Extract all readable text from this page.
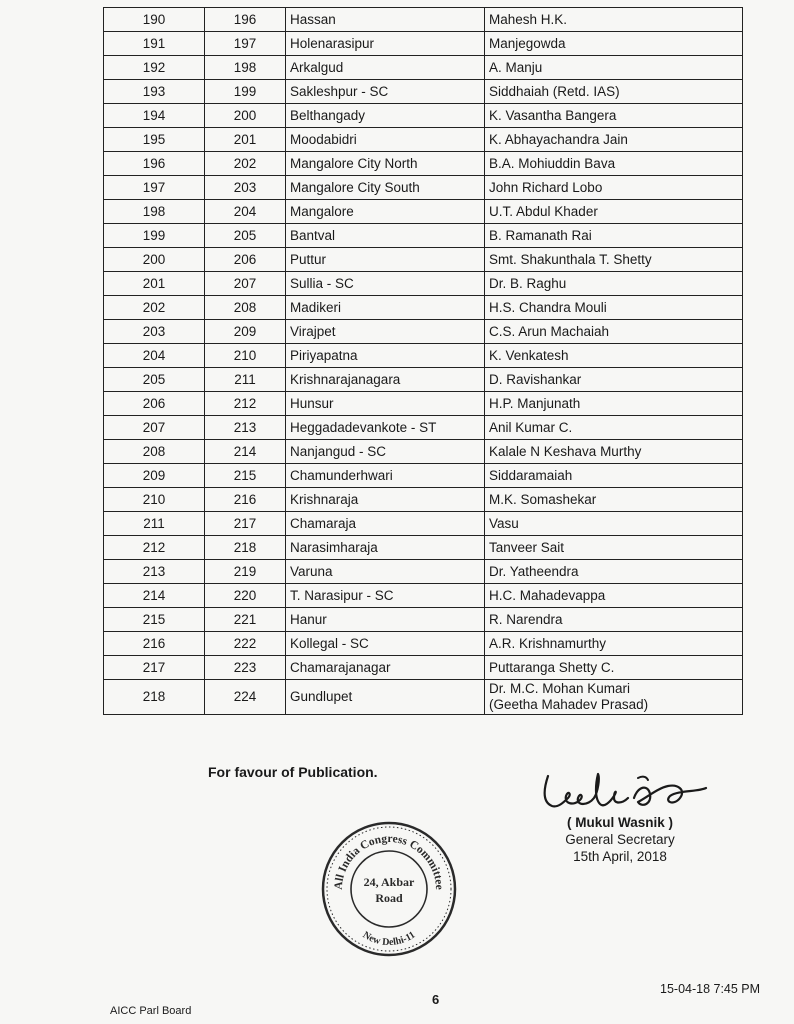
190	196	Hassan	Mahesh H.K.
191	197	Holenarasipur	Manjegowda
192	198	Arkalgud	A. Manju
193	199	Sakleshpur - SC	Siddhaiah (Retd. IAS)
194	200	Belthangady	K. Vasantha Bangera
195	201	Moodabidri	K. Abhayachandra Jain
196	202	Mangalore City North	B.A. Mohiuddin Bava
197	203	Mangalore City South	John Richard Lobo
198	204	Mangalore	U.T. Abdul Khader
199	205	Bantval	B. Ramanath Rai
200	206	Puttur	Smt. Shakunthala T. Shetty
201	207	Sullia - SC	Dr. B. Raghu
202	208	Madikeri	H.S. Chandra Mouli
203	209	Virajpet	C.S. Arun Machaiah
204	210	Piriyapatna	K. Venkatesh
205	211	Krishnarajanagara	D. Ravishankar
206	212	Hunsur	H.P. Manjunath
207	213	Heggadadevankote - ST	Anil Kumar C.
208	214	Nanjangud - SC	Kalale N Keshava Murthy
209	215	Chamunderhwari	Siddaramaiah
210	216	Krishnaraja	M.K. Somashekar
211	217	Chamaraja	Vasu
212	218	Narasimharaja	Tanveer Sait
213	219	Varuna	Dr. Yatheendra
214	220	T. Narasipur - SC	H.C. Mahadevappa
215	221	Hanur	R. Narendra
216	222	Kollegal - SC	A.R. Krishnamurthy
217	223	Chamarajanagar	Puttaranga Shetty C.
218	224	Gundlupet	Dr. M.C. Mohan Kumari
(Geetha Mahadev Prasad)
For favour of Publication.
( Mukul Wasnik )
General Secretary
15th April, 2018
All India Congress Committee
New Delhi-11
24, Akbar
Road
15-04-18 7:45 PM
6
AICC Parl Board
